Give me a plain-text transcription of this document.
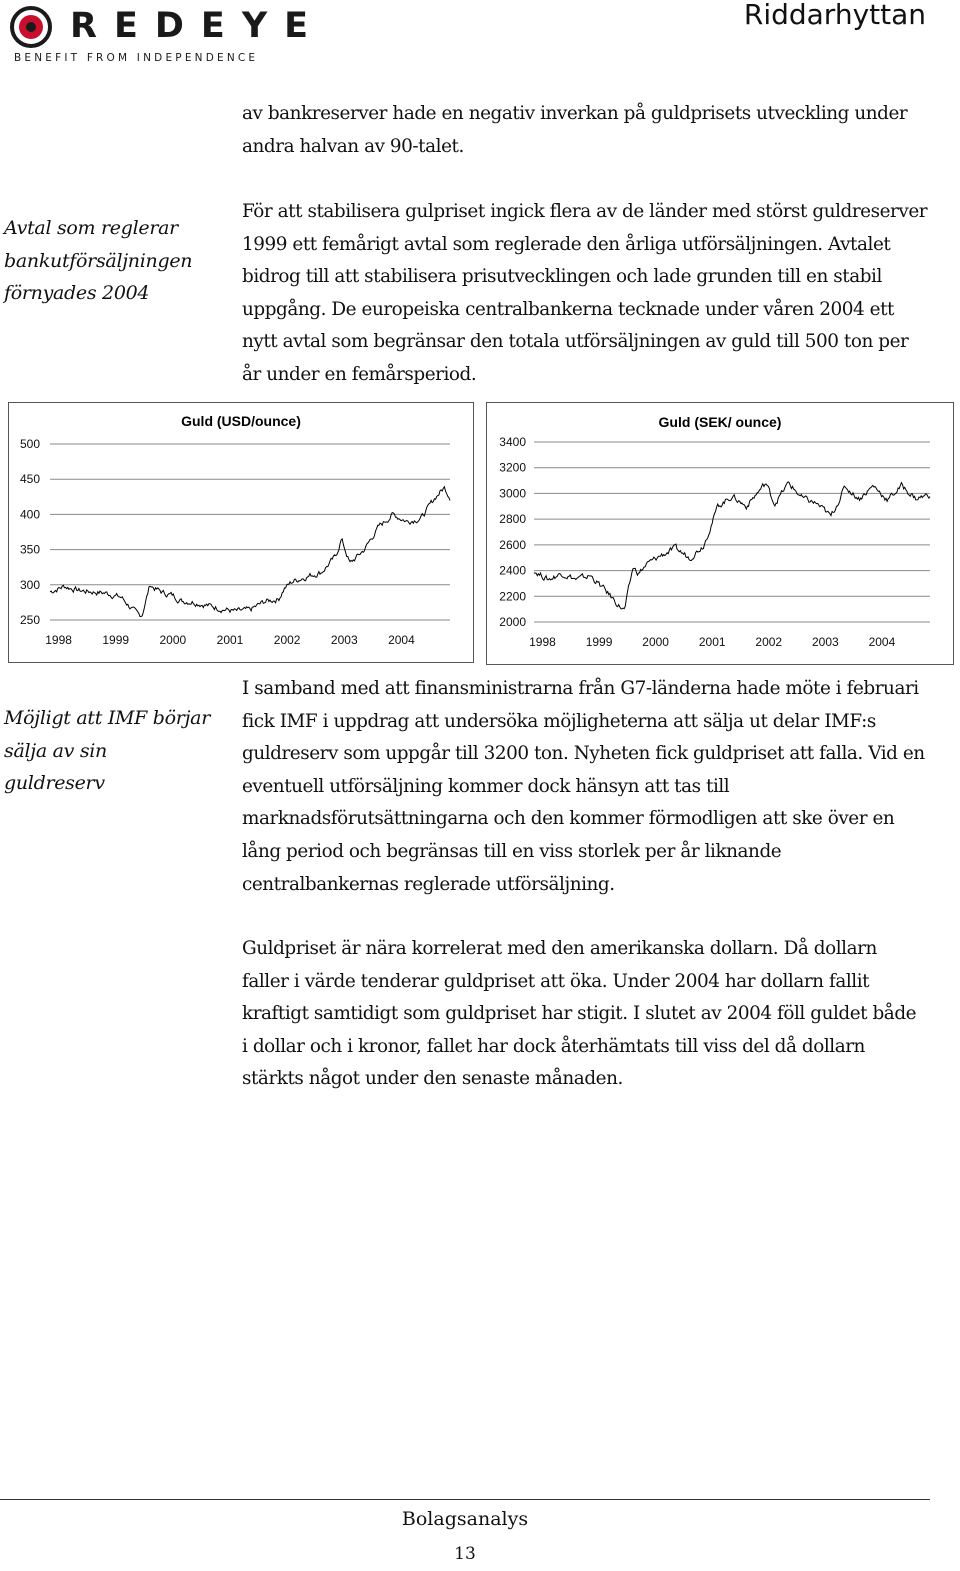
REDEYE
BENEFIT FROM INDEPENDENCE
Riddarhyttan

av bankreserver hade en negativ inverkan på guldprisets utveckling under

andra halvan av 90-talet.

Avtal som reglerar

bankutförsäljningen

förnyades 2004

För att stabilisera gulpriset ingick flera av de länder med störst guldreserver

1999 ett femårigt avtal som reglerade den årliga utförsäljningen. Avtalet

bidrog till att stabilisera prisutvecklingen och lade grunden till en stabil

uppgång. De europeiska centralbankerna tecknade under våren 2004 ett

nytt avtal som begränsar den totala utförsäljningen av guld till 500 ton per

år under en femårsperiod.

Guld (USD/ounce)
500
450
400
350
300
250
1998	1999	2000	2001	2002	2003	2004
Guld (SEK/ ounce)
3400
3200
3000
2800
2600
2400
2200
2000
1998 1999 2000 2001 2002 2003 2004

Möjligt att IMF börjar

sälja av sin

guldreserv

I samband med att finansministrarna från G7-länderna hade möte i februari

fick IMF i uppdrag att undersöka möjligheterna att sälja ut delar IMF:s

guldreserv som uppgår till 3200 ton. Nyheten fick guldpriset att falla. Vid en

eventuell utförsäljning kommer dock hänsyn att tas till

marknadsförutsättningarna och den kommer förmodligen att ske över en

lång period och begränsas till en viss storlek per år liknande

centralbankernas reglerade utförsäljning.

Guldpriset är nära korrelerat med den amerikanska dollarn. Då dollarn

faller i värde tenderar guldpriset att öka. Under 2004 har dollarn fallit

kraftigt samtidigt som guldpriset har stigit. I slutet av 2004 föll guldet både

i dollar och i kronor, fallet har dock återhämtats till viss del då dollarn

stärkts något under den senaste månaden.

Bolagsanalys
13
